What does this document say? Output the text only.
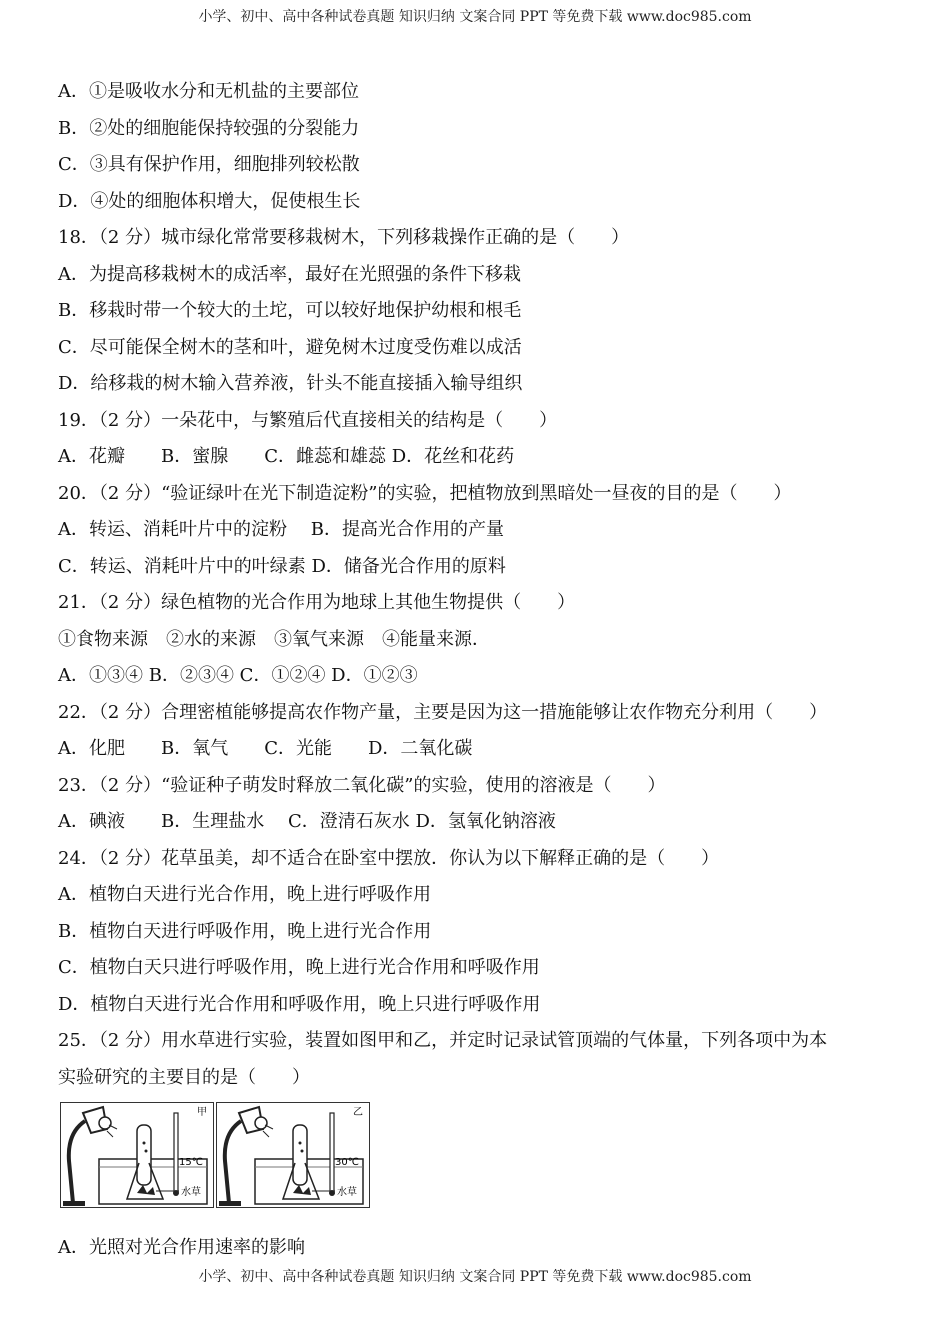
小学、初中、高中各种试卷真题 知识归纳 文案合同 PPT 等免费下载 www.doc985.com
A．①是吸收水分和无机盐的主要部位
B．②处的细胞能保持较强的分裂能力
C．③具有保护作用，细胞排列较松散
D．④处的细胞体积增大，促使根生长
18．（2 分）城市绿化常常要移栽树木，下列移栽操作正确的是（　　）
A．为提高移栽树木的成活率，最好在光照强的条件下移栽
B．移栽时带一个较大的土坨，可以较好地保护幼根和根毛
C．尽可能保全树木的茎和叶，避免树木过度受伤难以成活
D．给移栽的树木输入营养液，针头不能直接插入输导组织
19．（2 分）一朵花中，与繁殖后代直接相关的结构是（　　）
A．花瓣　　B．蜜腺　　C．雌蕊和雄蕊 D．花丝和花药
20．（2 分）“验证绿叶在光下制造淀粉”的实验，把植物放到黑暗处一昼夜的目的是（　　）
A．转运、消耗叶片中的淀粉　 B．提高光合作用的产量
C．转运、消耗叶片中的叶绿素 D．储备光合作用的原料
21．（2 分）绿色植物的光合作用为地球上其他生物提供（　　）
①食物来源　②水的来源　③氧气来源　④能量来源．
A．①③④ B．②③④ C．①②④ D．①②③
22．（2 分）合理密植能够提高农作物产量，主要是因为这一措施能够让农作物充分利用（　　）
A．化肥　　B．氧气　　C．光能　　D．二氧化碳
23．（2 分）“验证种子萌发时释放二氧化碳”的实验，使用的溶液是（　　）
A．碘液　　B．生理盐水　 C．澄清石灰水 D．氢氧化钠溶液
24．（2 分）花草虽美，却不适合在卧室中摆放．你认为以下解释正确的是（　　）
A．植物白天进行光合作用，晚上进行呼吸作用
B．植物白天进行呼吸作用，晚上进行光合作用
C．植物白天只进行呼吸作用，晚上进行光合作用和呼吸作用
D．植物白天进行光合作用和呼吸作用，晚上只进行呼吸作用
25．（2 分）用水草进行实验，装置如图甲和乙，并定时记录试管顶端的气体量，下列各项中为本
实验研究的主要目的是（　　）
甲
15℃
水草
乙
30℃
水草
A．光照对光合作用速率的影响
小学、初中、高中各种试卷真题 知识归纳 文案合同 PPT 等免费下载 www.doc985.com
